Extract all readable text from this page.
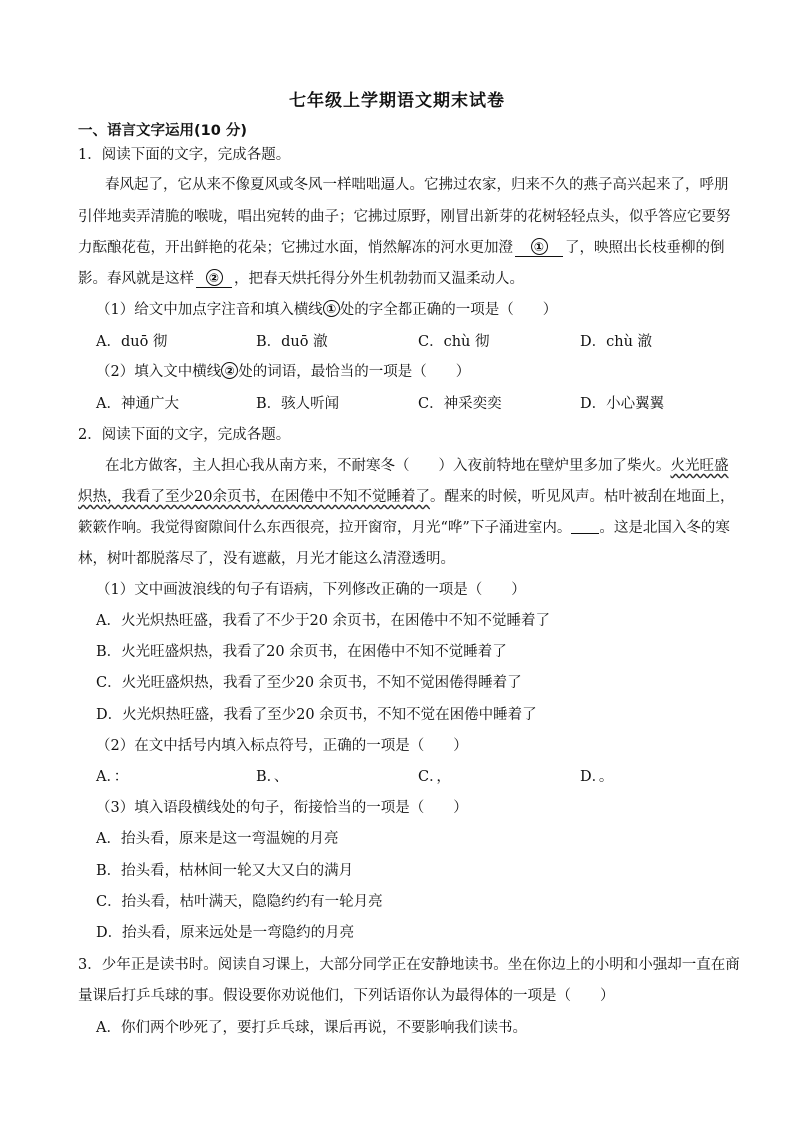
七年级上学期语文期末试卷
一、语言文字运用(10 分)
1．阅读下面的文字，完成各题。
春风起了，它从来不像夏风或冬风一样咄咄逼人。它拂过农家，归来不久的燕子高兴起来了，呼朋
引伴地卖弄清脆的喉咙，唱出宛转的曲子；它拂过原野，刚冒出新芽的花树轻轻点头，似乎答应它要努
力酝酿花苞，开出鲜艳的花朵；它拂过水面，悄然解冻的河水更加澄 ① 了，映照出长枝垂柳的倒
影。春风就是这样 ② ，把春天烘托得分外生机勃勃而又温柔动人。
（1）给文中加点字注音和填入横线 ① 处的字全都正确的一项是（　　）
A．duō 彻	B．duō 澈	C．chù 彻	D．chù 澈
（2）填入文中横线 ② 处的词语，最恰当的一项是（　　）
A．神通广大	B．骇人听闻	C．神采奕奕	D．小心翼翼
2．阅读下面的文字，完成各题。
在北方做客，主人担心我从南方来，不耐寒冬（　　）入夜前特地在壁炉里多加了柴火。火光旺盛
炽热，我看了至少20余页书，在困倦中不知不觉睡着了。醒来的时候，听见风声。枯叶被刮在地面上，
簌簌作响。我觉得窗隙间什么东西很亮，拉开窗帘，月光“哗”下子涌进室内。 。这是北国入冬的寒
林，树叶都脱落尽了，没有遮蔽，月光才能这么清澄透明。
（1）文中画波浪线的句子有语病，下列修改正确的一项是（　　）
A．火光炽热旺盛，我看了不少于20 余页书，在困倦中不知不觉睡着了
B．火光旺盛炽热，我看了20 余页书，在困倦中不知不觉睡着了
C．火光旺盛炽热，我看了至少20 余页书，不知不觉困倦得睡着了
D．火光炽热旺盛，我看了至少20 余页书，不知不觉在困倦中睡着了
（2）在文中括号内填入标点符号，正确的一项是（　　）
A．：	B．、	C．，	D．。
（3）填入语段横线处的句子，衔接恰当的一项是（　　）
A．抬头看，原来是这一弯温婉的月亮
B．抬头看，枯林间一轮又大又白的满月
C．抬头看，枯叶满天，隐隐约约有一轮月亮
D．抬头看，原来远处是一弯隐约的月亮
3．少年正是读书时。阅读自习课上，大部分同学正在安静地读书。坐在你边上的小明和小强却一直在商
量课后打乒乓球的事。假设要你劝说他们，下列话语你认为最得体的一项是（　　）
A．你们两个吵死了，要打乒乓球，课后再说，不要影响我们读书。
